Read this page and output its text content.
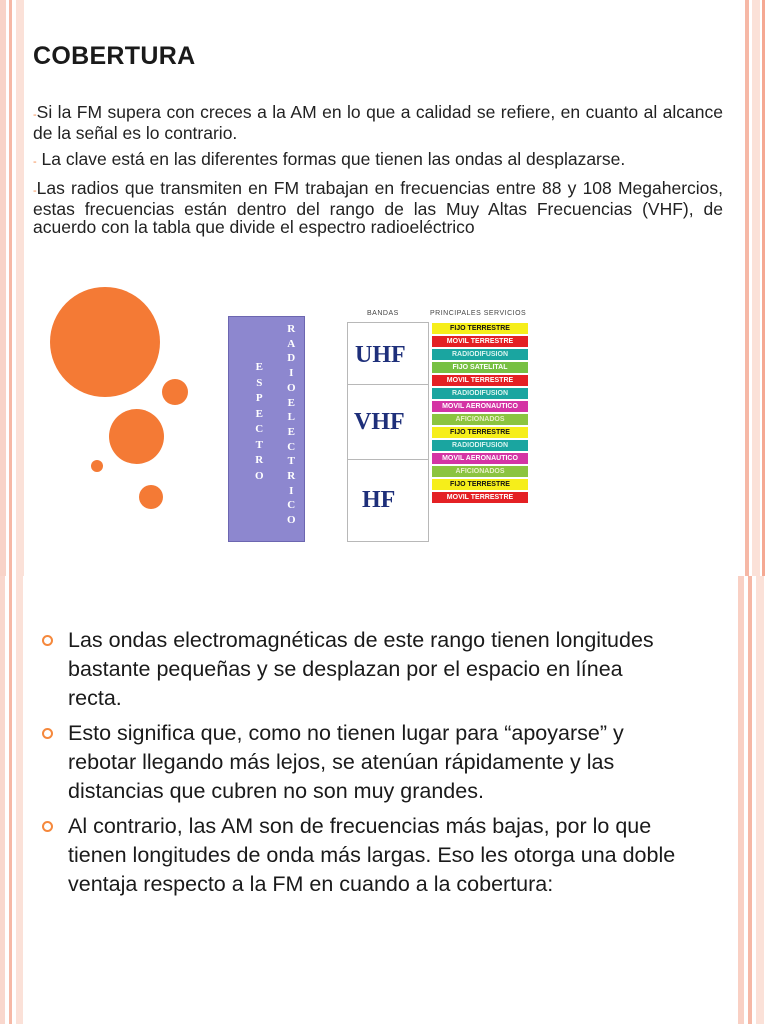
COBERTURA

-Si la FM supera con creces a la AM en lo que a calidad se refiere, en cuanto al alcance de la señal es lo contrario.

- La clave está en las diferentes formas que tienen las ondas al desplazarse.

-Las radios que transmiten en FM trabajan en frecuencias entre 88 y 108 Megahercios, estas frecuencias están dentro del rango de las Muy Altas Frecuencias (VHF), de acuerdo con la tabla que divide el espectro radioeléctrico

E
S
P
E
C
T
R
O
R
A
D
I
O
E
L
E
C
T
R
I
C
O
BANDAS	PRINCIPALES SERVICIOS
UHF
VHF
HF
FIJO TERRESTRE
MOVIL TERRESTRE
RADIODIFUSION
FIJO SATELITAL
MOVIL TERRESTRE
RADIODIFUSION
MOVIL AERONAUTICO
AFICIONADOS
FIJO TERRESTRE
RADIODIFUSION
MOVIL AERONAUTICO
AFICIONADOS
FIJO TERRESTRE
MOVIL TERRESTRE
Las ondas electromagnéticas de este rango tienen longitudes bastante pequeñas y se desplazan por el espacio en línea recta.
Esto significa que, como no tienen lugar para “apoyarse” y rebotar llegando más lejos, se atenúan rápidamente y las distancias que cubren no son muy grandes.
Al contrario, las AM son de frecuencias más bajas, por lo que tienen longitudes de onda más largas. Eso les otorga una doble ventaja respecto a la FM en cuando a la cobertura:
